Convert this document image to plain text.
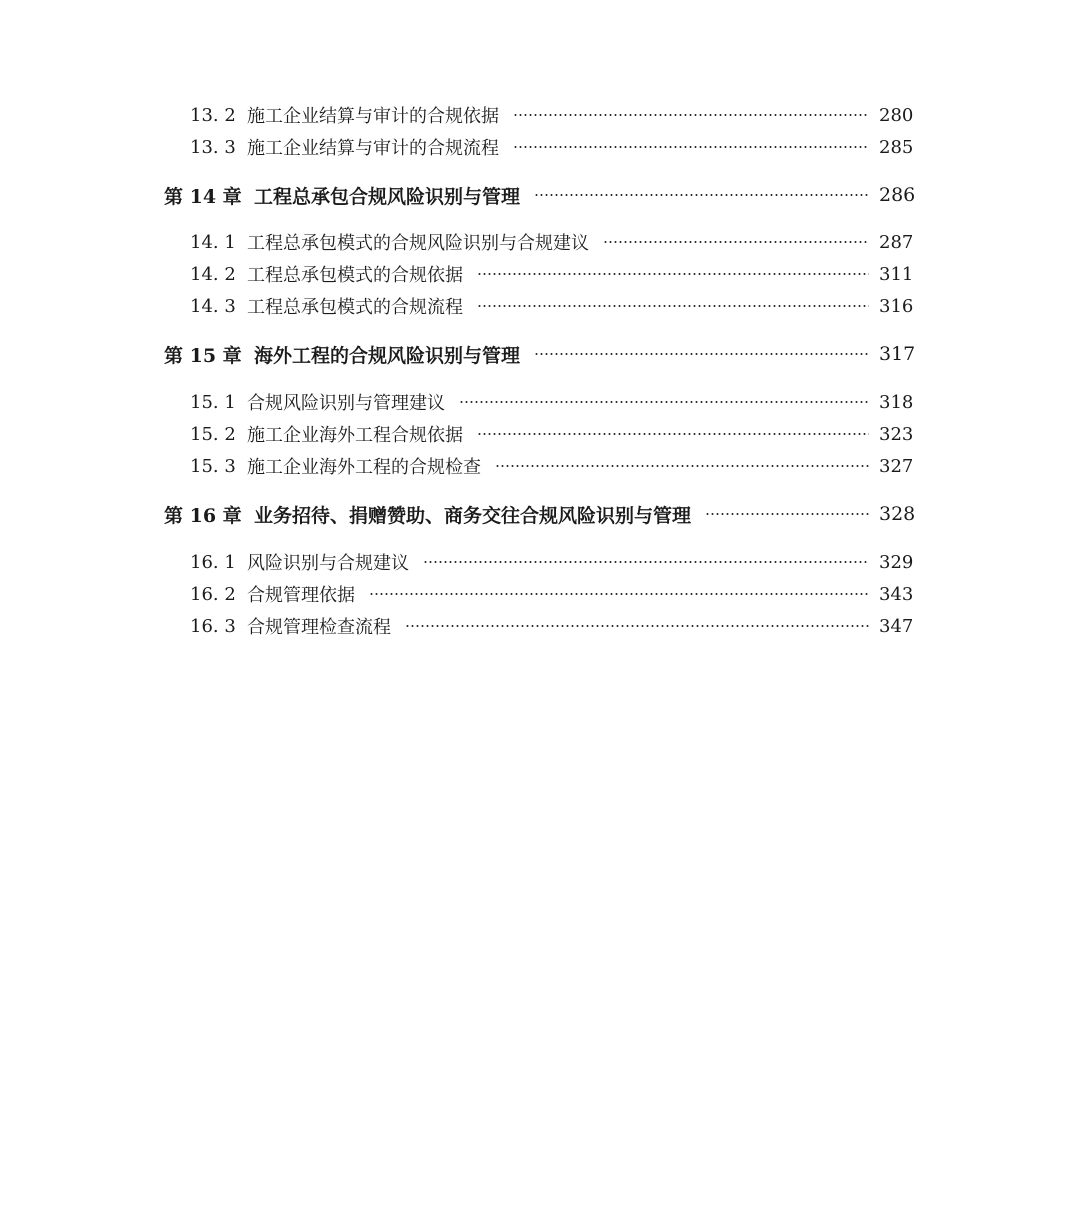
13. 2 施工企业结算与审计的合规依据	280
13. 3 施工企业结算与审计的合规流程	285
第 14 章 工程总承包合规风险识别与管理	286
14. 1 工程总承包模式的合规风险识别与合规建议	287
14. 2 工程总承包模式的合规依据	311
14. 3 工程总承包模式的合规流程	316
第 15 章 海外工程的合规风险识别与管理	317
15. 1 合规风险识别与管理建议	318
15. 2 施工企业海外工程合规依据	323
15. 3 施工企业海外工程的合规检查	327
第 16 章 业务招待、捐赠赞助、商务交往合规风险识别与管理	328
16. 1 风险识别与合规建议	329
16. 2 合规管理依据	343
16. 3 合规管理检查流程	347
